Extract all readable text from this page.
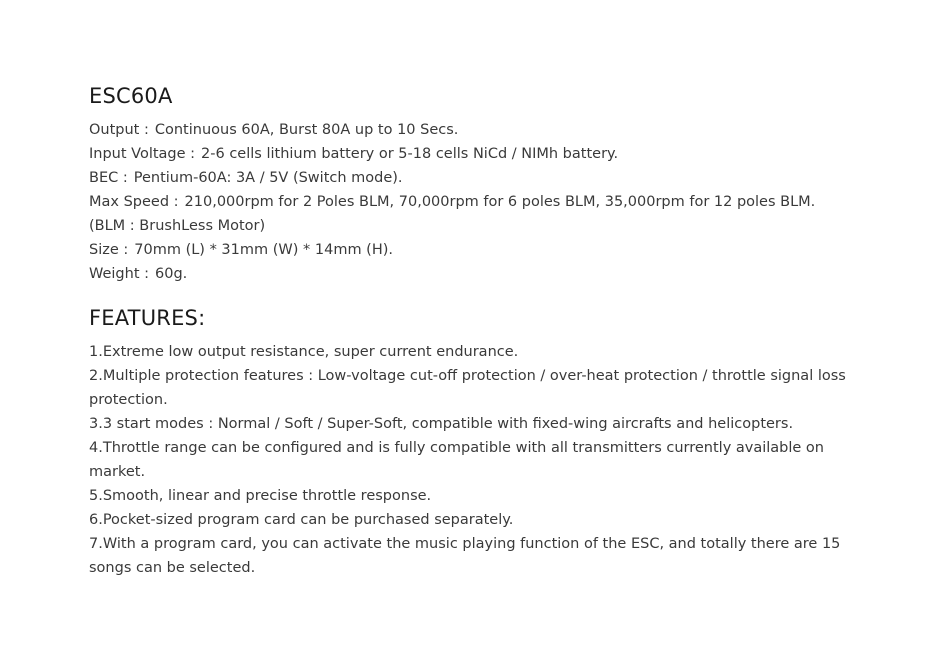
ESC60A
Output : Continuous 60A, Burst 80A up to 10 Secs.
Input Voltage : 2-6 cells lithium battery or 5-18 cells NiCd / NIMh battery.
BEC : Pentium-60A: 3A / 5V (Switch mode).
Max Speed : 210,000rpm for 2 Poles BLM, 70,000rpm for 6 poles BLM, 35,000rpm for 12 poles BLM.
(BLM : BrushLess Motor)
Size : 70mm (L) * 31mm (W) * 14mm (H).
Weight : 60g.
FEATURES:
1.Extreme low output resistance, super current endurance.
2.Multiple protection features : Low-voltage cut-off protection / over-heat protection / throttle signal loss protection.
3.3 start modes : Normal / Soft / Super-Soft, compatible with fixed-wing aircrafts and helicopters.
4.Throttle range can be configured and is fully compatible with all transmitters currently available on market.
5.Smooth, linear and precise throttle response.
6.Pocket-sized program card can be purchased separately.
7.With a program card, you can activate the music playing function of the ESC, and totally there are 15 songs can be selected.
